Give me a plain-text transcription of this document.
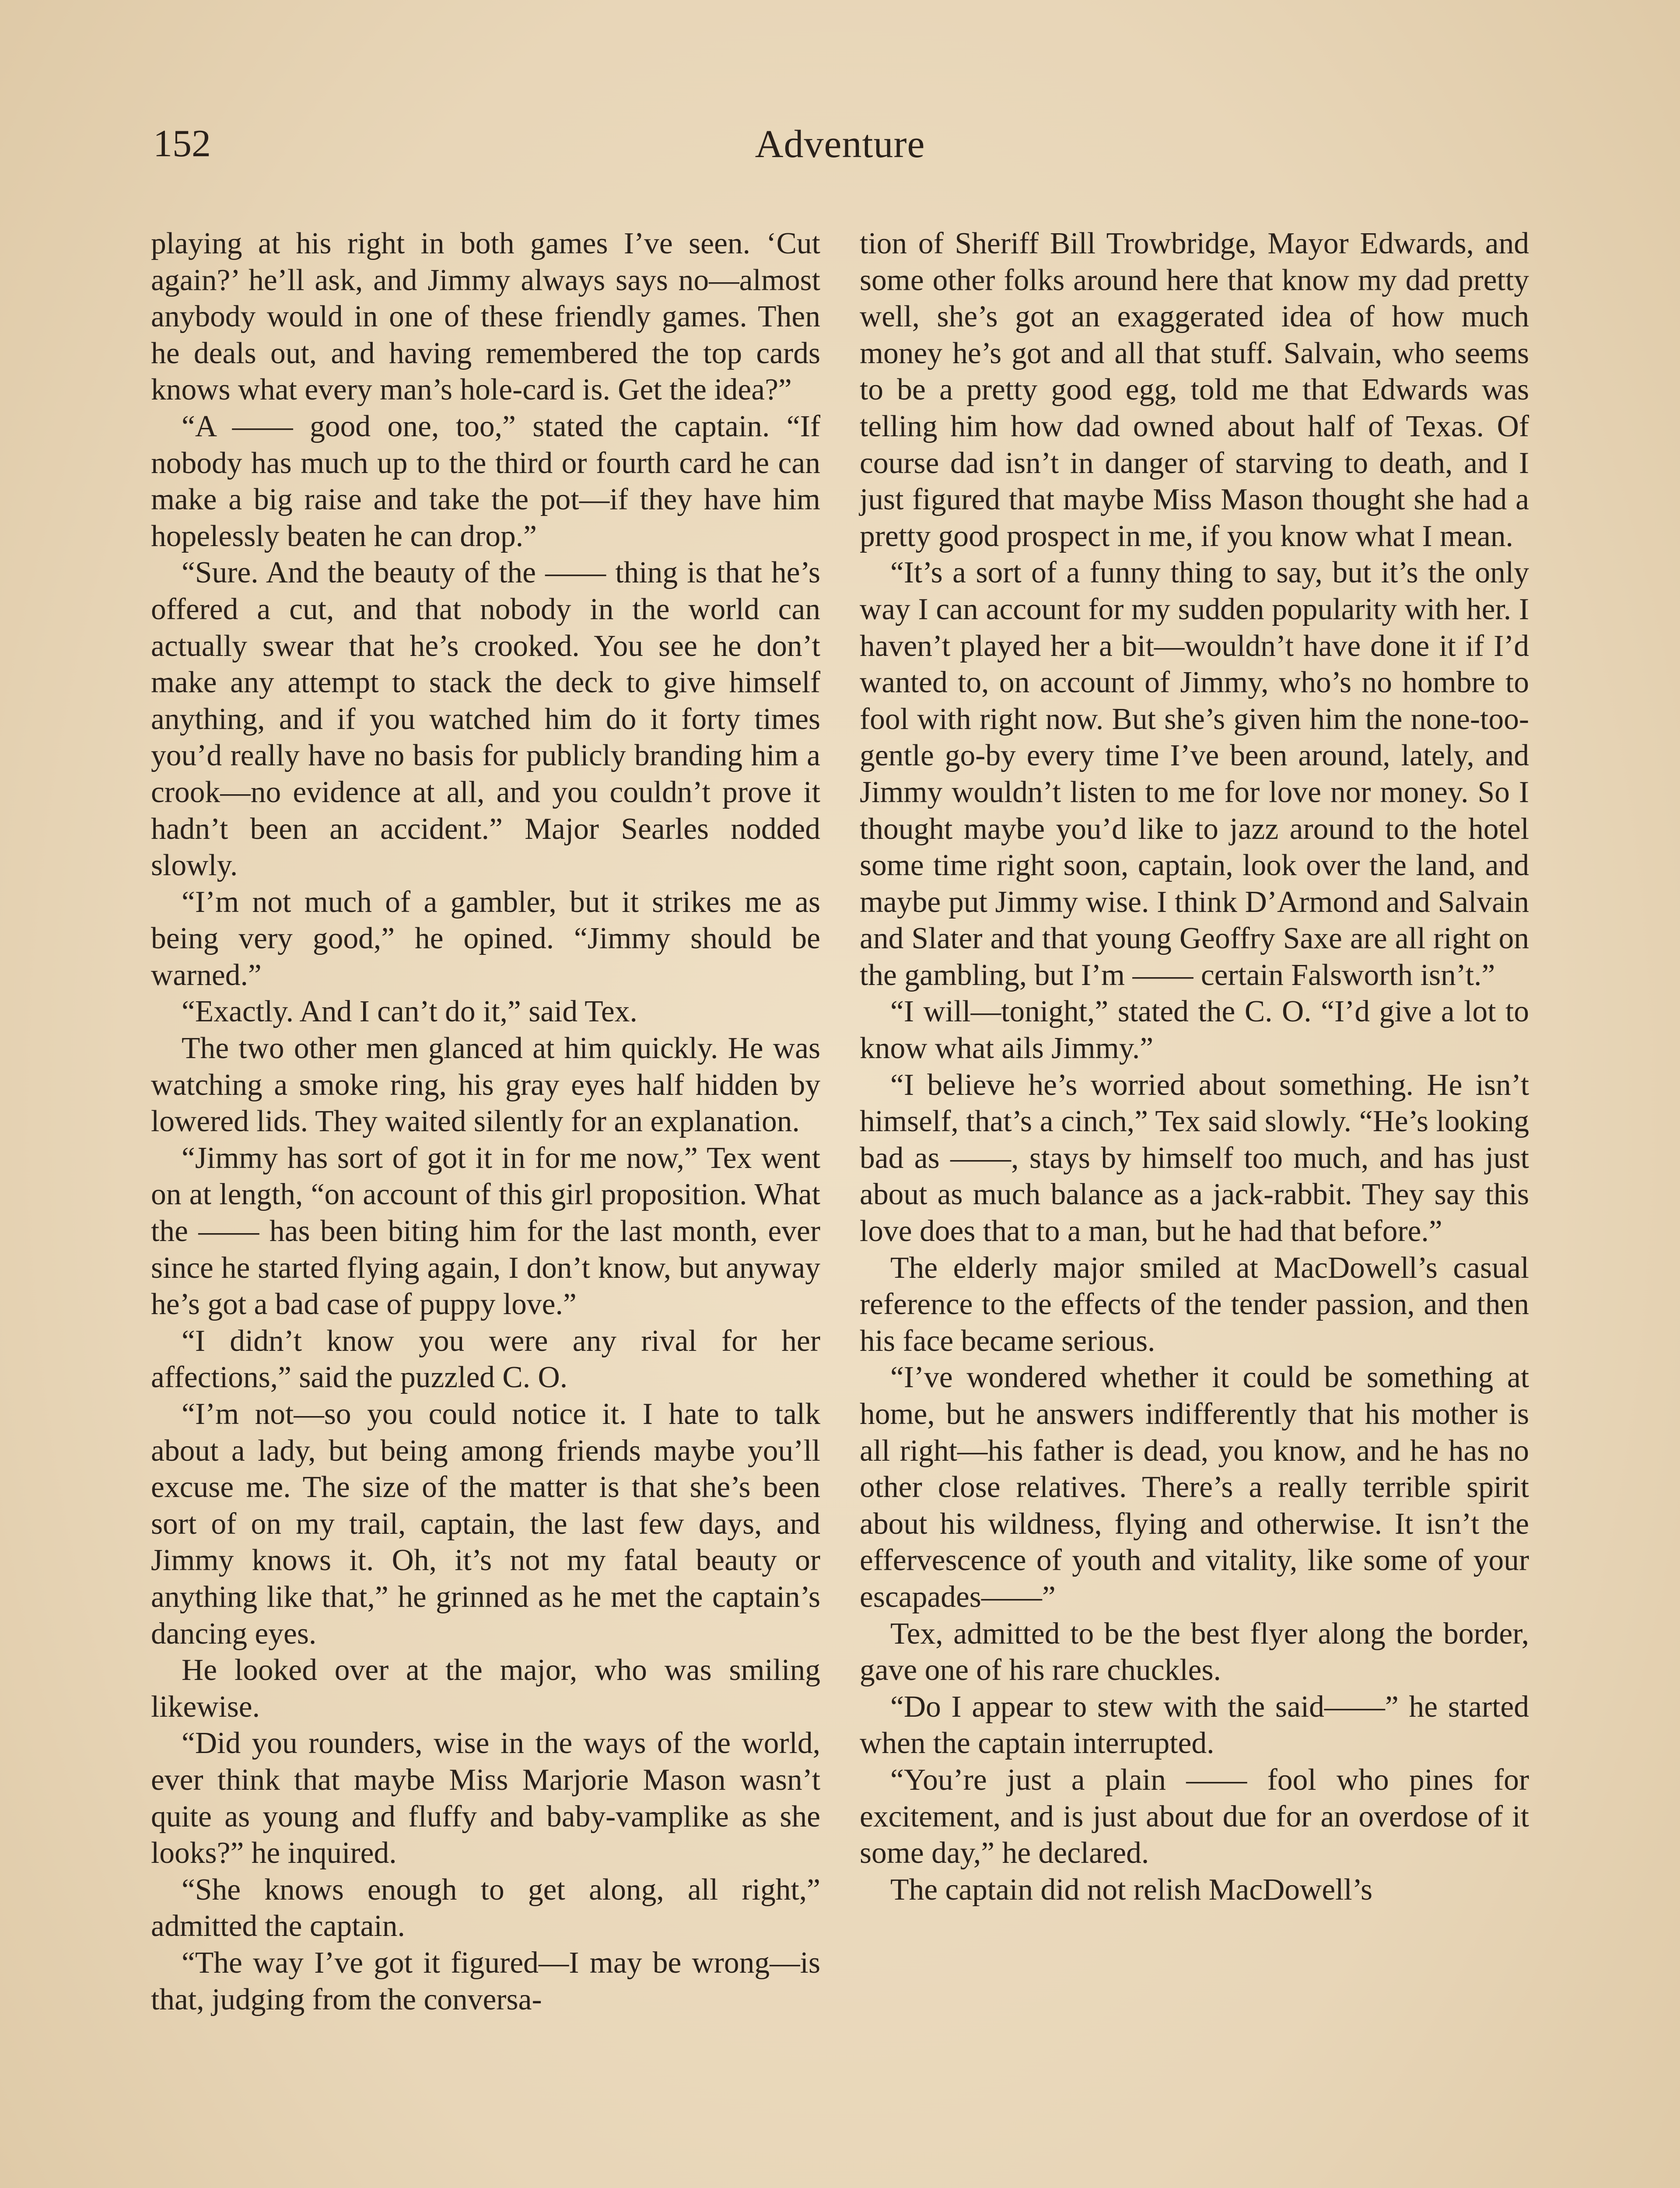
152	Adventure

playing at his right in both games I’ve seen. ‘Cut again?’ he’ll ask, and Jimmy always says no—almost anybody would in one of these friendly games. Then he deals out, and having remembered the top cards knows what every man’s hole-card is. Get the idea?”

“A —— good one, too,” stated the captain. “If nobody has much up to the third or fourth card he can make a big raise and take the pot—if they have him hopelessly beaten he can drop.”

“Sure. And the beauty of the —— thing is that he’s offered a cut, and that nobody in the world can actually swear that he’s crooked. You see he don’t make any attempt to stack the deck to give himself anything, and if you watched him do it forty times you’d really have no basis for publicly branding him a crook—no evidence at all, and you couldn’t prove it hadn’t been an accident.” Major Searles nodded slowly.

“I’m not much of a gambler, but it strikes me as being very good,” he opined. “Jimmy should be warned.”

“Exactly. And I can’t do it,” said Tex.

The two other men glanced at him quickly. He was watching a smoke ring, his gray eyes half hidden by lowered lids. They waited silently for an explanation.

“Jimmy has sort of got it in for me now,” Tex went on at length, “on account of this girl proposition. What the —— has been biting him for the last month, ever since he started flying again, I don’t know, but anyway he’s got a bad case of puppy love.”

“I didn’t know you were any rival for her affections,” said the puzzled C. O.

“I’m not—so you could notice it. I hate to talk about a lady, but being among friends maybe you’ll excuse me. The size of the matter is that she’s been sort of on my trail, captain, the last few days, and Jimmy knows it. Oh, it’s not my fatal beauty or anything like that,” he grinned as he met the captain’s dancing eyes.

He looked over at the major, who was smiling likewise.

“Did you rounders, wise in the ways of the world, ever think that maybe Miss Marjorie Mason wasn’t quite as young and fluffy and baby-vamplike as she looks?” he inquired.

“She knows enough to get along, all right,” admitted the captain.

“The way I’ve got it figured—I may be wrong—is that, judging from the conversa-

tion of Sheriff Bill Trowbridge, Mayor Edwards, and some other folks around here that know my dad pretty well, she’s got an exaggerated idea of how much money he’s got and all that stuff. Salvain, who seems to be a pretty good egg, told me that Edwards was telling him how dad owned about half of Texas. Of course dad isn’t in danger of starving to death, and I just figured that maybe Miss Mason thought she had a pretty good prospect in me, if you know what I mean.

“It’s a sort of a funny thing to say, but it’s the only way I can account for my sudden popularity with her. I haven’t played her a bit—wouldn’t have done it if I’d wanted to, on account of Jimmy, who’s no hombre to fool with right now. But she’s given him the none-too-gentle go-by every time I’ve been around, lately, and Jimmy wouldn’t listen to me for love nor money. So I thought maybe you’d like to jazz around to the hotel some time right soon, captain, look over the land, and maybe put Jimmy wise. I think D’Armond and Salvain and Slater and that young Geoffry Saxe are all right on the gambling, but I’m —— certain Falsworth isn’t.”

“I will—tonight,” stated the C. O. “I’d give a lot to know what ails Jimmy.”

“I believe he’s worried about something. He isn’t himself, that’s a cinch,” Tex said slowly. “He’s looking bad as ——, stays by himself too much, and has just about as much balance as a jack-rabbit. They say this love does that to a man, but he had that before.”

The elderly major smiled at MacDowell’s casual reference to the effects of the tender passion, and then his face became serious.

“I’ve wondered whether it could be something at home, but he answers indifferently that his mother is all right—his father is dead, you know, and he has no other close relatives. There’s a really terrible spirit about his wildness, flying and otherwise. It isn’t the effervescence of youth and vitality, like some of your escapades——”

Tex, admitted to be the best flyer along the border, gave one of his rare chuckles.

“Do I appear to stew with the said——” he started when the captain interrupted.

“You’re just a plain —— fool who pines for excitement, and is just about due for an overdose of it some day,” he declared.

The captain did not relish MacDowell’s
